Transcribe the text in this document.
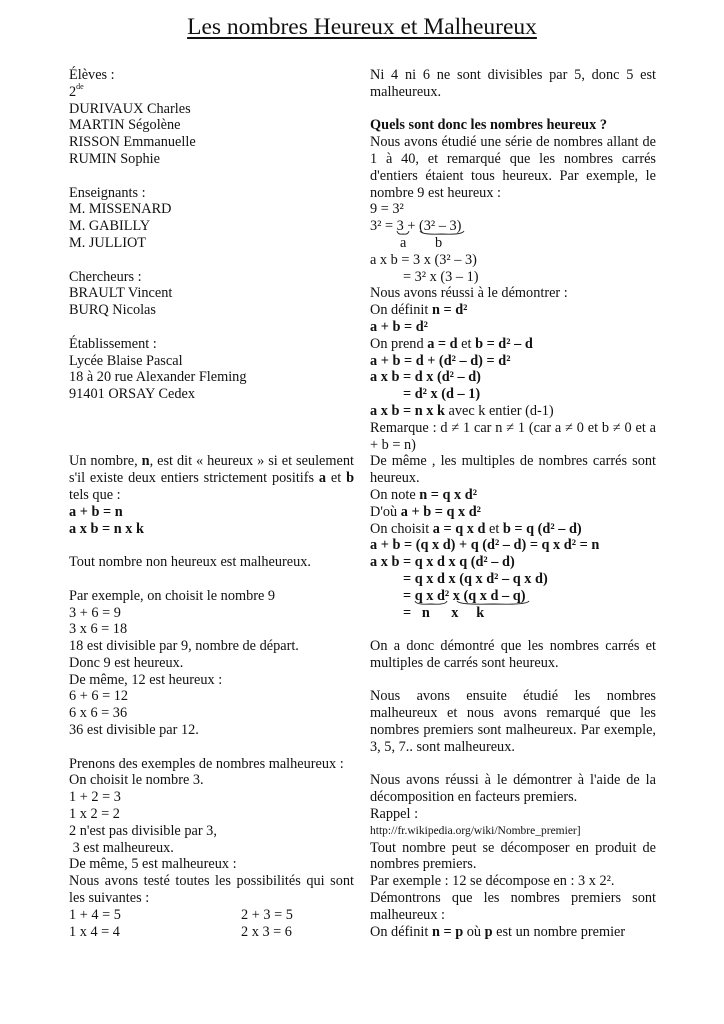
Les nombres Heureux et Malheureux
Élèves :
2de
DURIVAUX Charles
MARTIN Ségolène
RISSON Emmanuelle
RUMIN Sophie
Enseignants :
M. MISSENARD
M. GABILLY
M. JULLIOT
Chercheurs :
BRAULT Vincent
BURQ Nicolas
Établissement :
Lycée Blaise Pascal
18 à 20 rue Alexander Fleming
91401 ORSAY Cedex
Un nombre, n, est dit « heureux » si et seulement s'il existe deux entiers strictement positifs a et b tels que :
a + b = n
a x b = n x k
Tout nombre non heureux est malheureux.
Par exemple, on choisit le nombre 9
3 + 6 = 9
3 x 6 = 18
18 est divisible par 9, nombre de départ.
Donc 9 est heureux.
De même, 12 est heureux :
6 + 6 = 12
6 x 6 = 36
36 est divisible par 12.
Prenons des exemples de nombres malheureux :
On choisit le nombre 3.
1 + 2 = 3
1 x 2 = 2
2 n'est pas divisible par 3,
3 est malheureux.
De même, 5 est malheureux :
Nous avons testé toutes les possibilités qui sont les suivantes :
1 + 4 = 5	2 + 3 = 5
1 x 4 = 4	2 x 3 = 6
Ni 4 ni 6 ne sont divisibles par 5, donc 5 est malheureux.
Quels sont donc les nombres heureux ?
Nous avons étudié une série de nombres allant de 1 à 40, et remarqué que les nombres carrés d'entiers étaient tous heureux. Par exemple, le nombre 9 est heureux :
9 = 3²
3² = 3 + (3² – 3)

a        b
a x b = 3 x (3² – 3)
= 3² x (3 – 1)
Nous avons réussi à le démontrer :
On définit n = d²
a + b = d²
On prend a = d et b = d² – d
a + b = d + (d² – d) = d²
a x b = d x (d² – d)
= d² x (d – 1)
a x b = n x k avec k entier (d-1)
Remarque : d ≠ 1 car n ≠ 1 (car a ≠ 0 et b ≠ 0 et a + b = n)
De même , les multiples de nombres carrés sont heureux.
On note n = q x d²
D'où a + b = q x d²
On choisit a = q x d et b = q (d² – d)
a + b = (q x d) + q (d² – d) = q x d² = n
a x b = q x d x q (d² – d)
= q x d x (q x d² – q x d)
= q x d² x (q x d – q)

=   n      x     k
On a donc démontré que les nombres carrés et multiples de carrés sont heureux.
Nous avons ensuite étudié les nombres malheureux et nous avons remarqué que les nombres premiers sont malheureux. Par exemple, 3, 5, 7.. sont malheureux.
Nous avons réussi à le démontrer à l'aide de la décomposition en facteurs premiers.
Rappel :
http://fr.wikipedia.org/wiki/Nombre_premier]
Tout nombre peut se décomposer en produit de nombres premiers.
Par exemple : 12 se décompose en : 3 x 2².
Démontrons que les nombres premiers sont malheureux :
On définit n = p où p est un nombre premier
